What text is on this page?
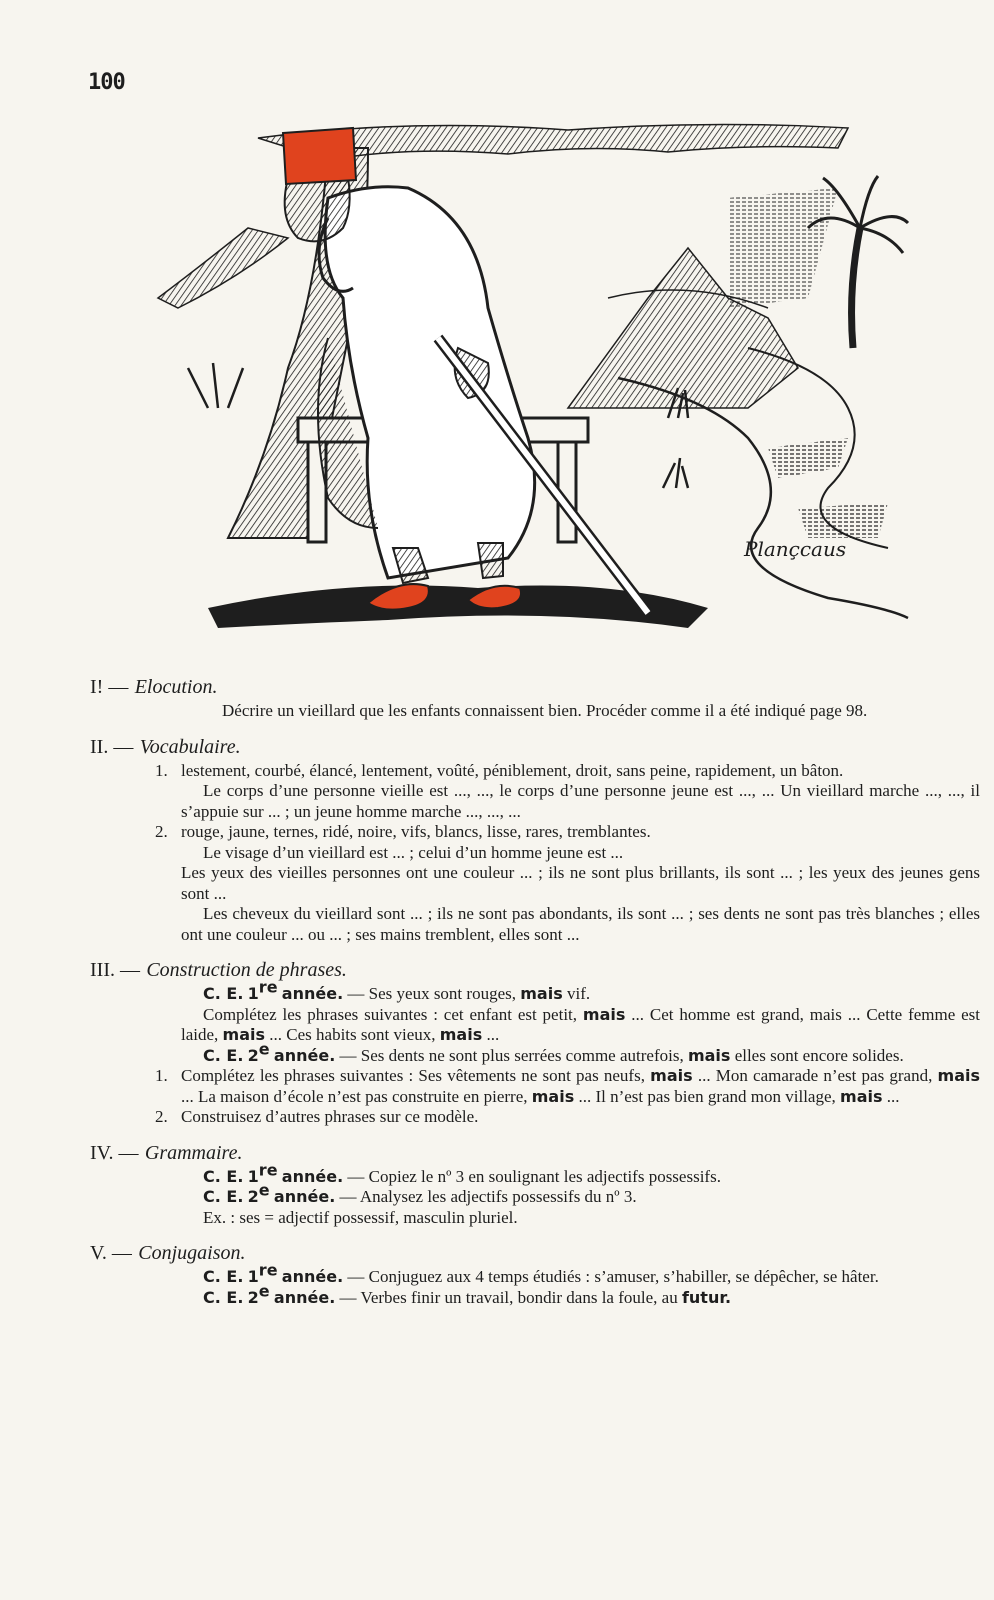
100
Plançcaus
I! — Elocution.

Décrire un vieillard que les enfants connaissent bien. Procéder comme il a été indiqué page 98.

II. — Vocabulaire.
1. lestement, courbé, élancé, lentement, voûté, péniblement, droit, sans peine, rapidement, un bâton.

Le corps d’une personne vieille est ..., ..., le corps d’une personne jeune est ..., ... Un vieillard marche ..., ..., il s’appuie sur ... ; un jeune homme marche ..., ..., ...

2. rouge, jaune, ternes, ridé, noire, vifs, blancs, lisse, rares, tremblantes.

Le visage d’un vieillard est ... ; celui d’un homme jeune est ...

Les yeux des vieilles personnes ont une couleur ... ; ils ne sont plus brillants, ils sont ... ; les yeux des jeunes gens sont ...

Les cheveux du vieillard sont ... ; ils ne sont pas abondants, ils sont ... ; ses dents ne sont pas très blanches ; elles ont une couleur ... ou ... ; ses mains tremblent, elles sont ...

III. — Construction de phrases.

C. E. 1re année. — Ses yeux sont rouges, mais vif.

Complétez les phrases suivantes : cet enfant est petit, mais ... Cet homme est grand, mais ... Cette femme est laide, mais ... Ces habits sont vieux, mais ...

C. E. 2e année. — Ses dents ne sont plus serrées comme autrefois, mais elles sont encore solides.

1. Complétez les phrases suivantes : Ses vêtements ne sont pas neufs, mais ... Mon camarade n’est pas grand, mais ... La maison d’école n’est pas construite en pierre, mais ... Il n’est pas bien grand mon village, mais ...

2. Construisez d’autres phrases sur ce modèle.

IV. — Grammaire.

C. E. 1re année. — Copiez le nº 3 en soulignant les adjectifs possessifs.

C. E. 2e année. — Analysez les adjectifs possessifs du nº 3.

Ex. : ses = adjectif possessif, masculin pluriel.

V. — Conjugaison.

C. E. 1re année. — Conjuguez aux 4 temps étudiés : s’amuser, s’habiller, se dépêcher, se hâter.

C. E. 2e année. — Verbes finir un travail, bondir dans la foule, au futur.
